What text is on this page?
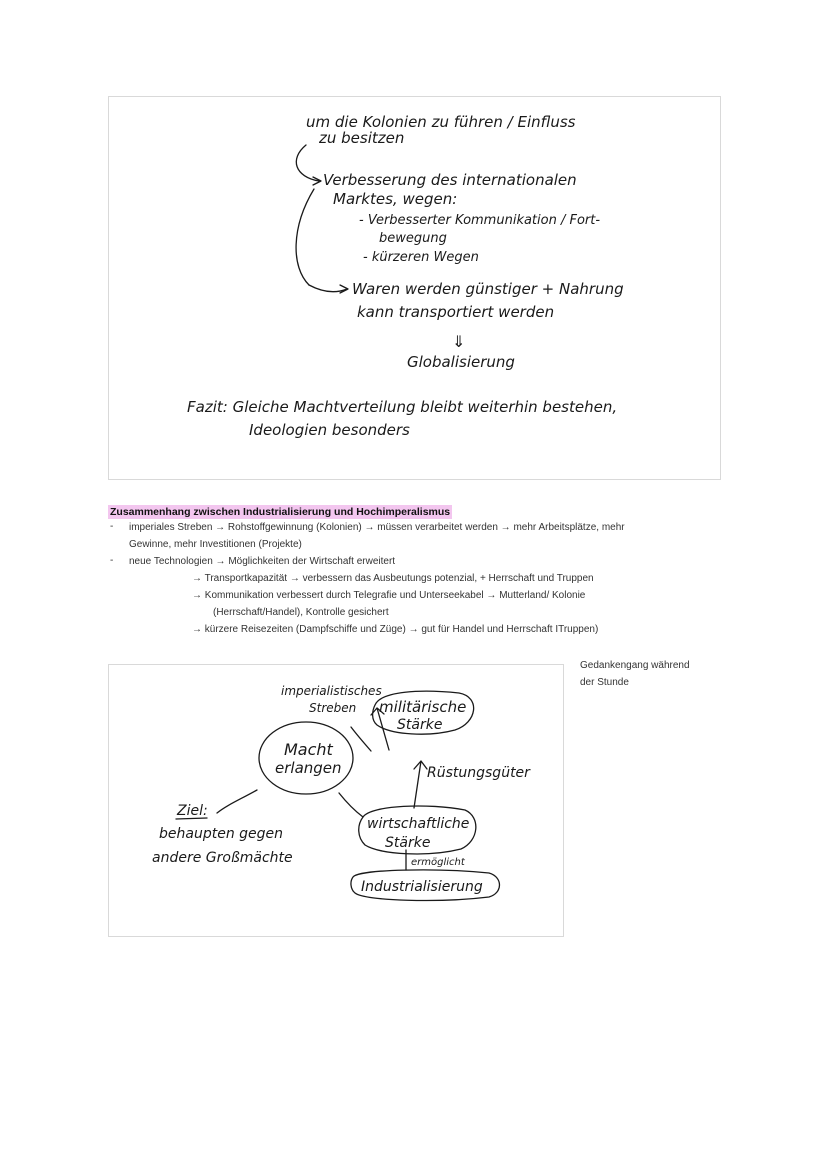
um die Kolonien zu führen / Einfluss
zu besitzen
Verbesserung des internationalen
Marktes, wegen:
- Verbesserter Kommunikation / Fort-
bewegung
- kürzeren Wegen
Waren werden günstiger + Nahrung
kann transportiert werden
⇓
Globalisierung
Fazit: Gleiche Machtverteilung bleibt weiterhin bestehen,
Ideologien besonders
Zusammenhang zwischen Industrialisierung und Hochimperalismus
- imperiales Streben → Rohstoffgewinnung (Kolonien) → müssen verarbeitet werden → mehr Arbeitsplätze, mehr
Gewinne, mehr Investitionen (Projekte)
- neue Technologien → Möglichkeiten der Wirtschaft erweitert
→ Transportkapazität → verbessern das Ausbeutungs potenzial, + Herrschaft und Truppen
→ Kommunikation verbessert durch Telegrafie und Unterseekabel → Mutterland/ Kolonie
(Herrschaft/Handel), Kontrolle gesichert
→ kürzere Reisezeiten (Dampfschiffe und Züge) → gut für Handel und Herrschaft ITruppen)
Gedankengang während
der Stunde
Macht
erlangen
imperialistisches
Streben militärische
Stärke
Rüstungsgüter
Ziel:
behaupten gegen
andere Großmächte
wirtschaftliche
Stärke
ermöglicht
Industrialisierung
